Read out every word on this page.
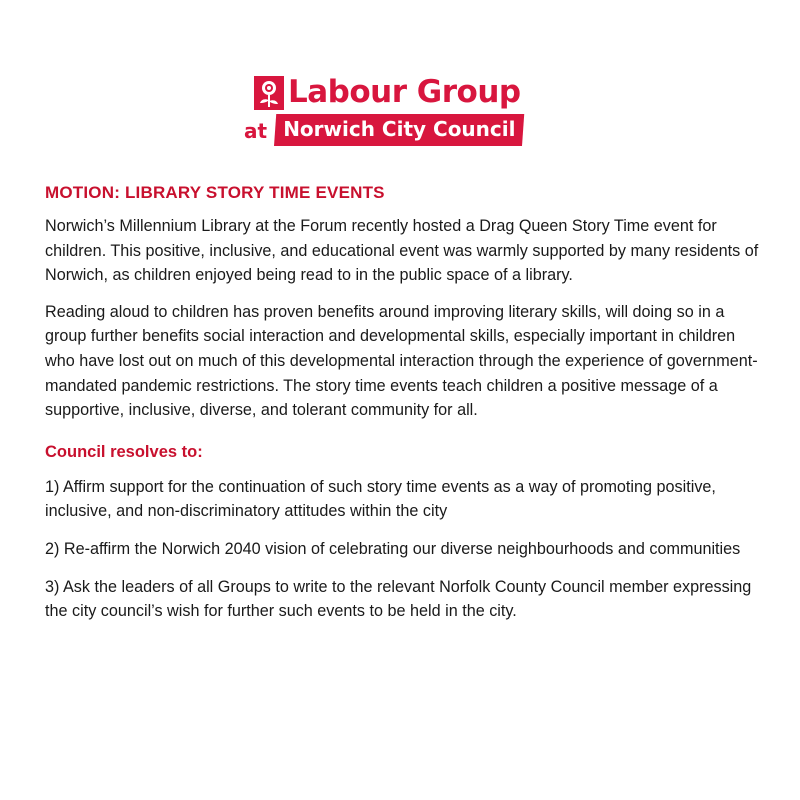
Labour Group
at Norwich City Council
MOTION: LIBRARY STORY TIME EVENTS

Norwich’s Millennium Library at the Forum recently hosted a Drag Queen Story Time event for children. This positive, inclusive, and educational event was warmly supported by many residents of Norwich, as children enjoyed being read to in the public space of a library.

Reading aloud to children has proven benefits around improving literary skills, will doing so in a group further benefits social interaction and developmental skills, especially important in children who have lost out on much of this developmental interaction through the experience of government-mandated pandemic restrictions. The story time events teach children a positive message of a supportive, inclusive, diverse, and tolerant community for all.

Council resolves to:

1) Affirm support for the continuation of such story time events as a way of promoting positive, inclusive, and non-discriminatory attitudes within the city

2) Re-affirm the Norwich 2040 vision of celebrating our diverse neighbourhoods and communities

3) Ask the leaders of all Groups to write to the relevant Norfolk County Council member expressing the city council’s wish for further such events to be held in the city.
